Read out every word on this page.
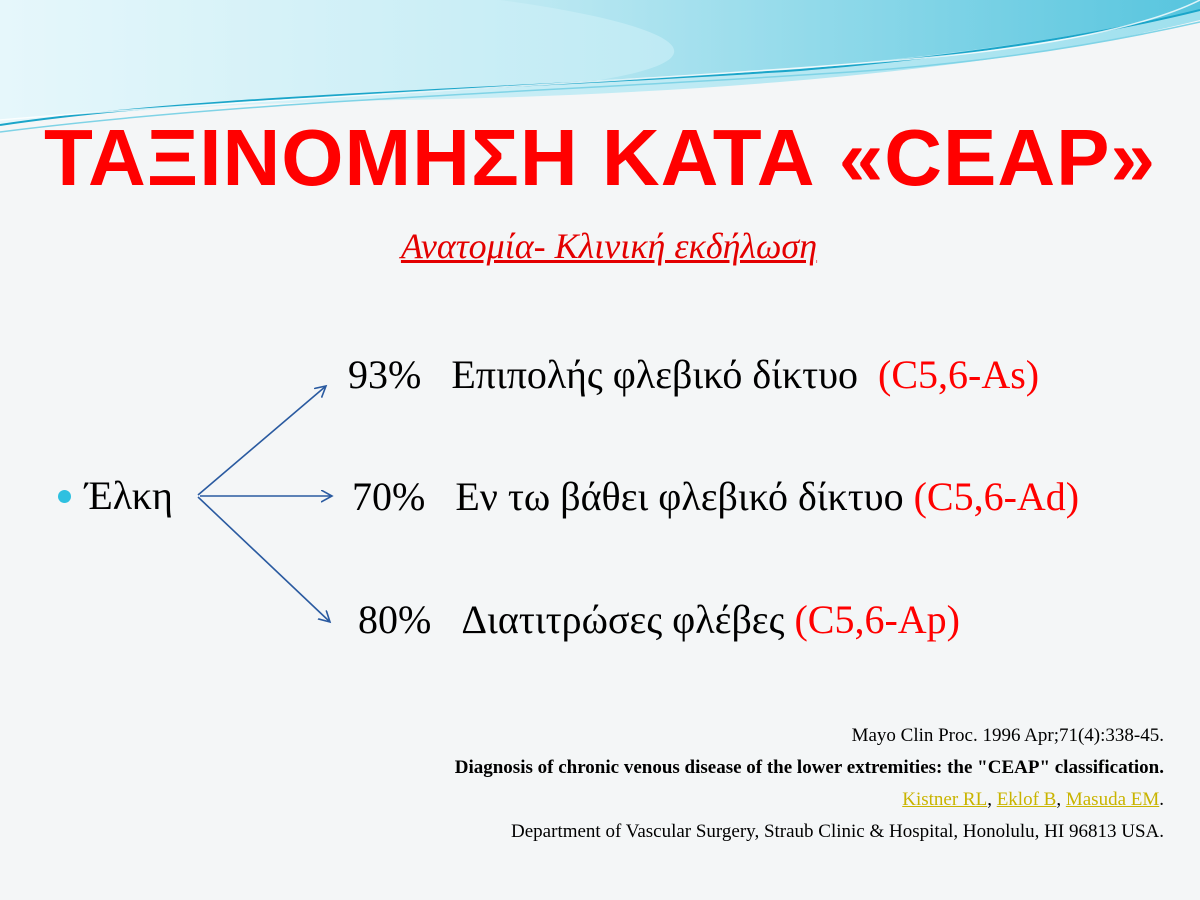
ΤΑΞΙΝΟΜΗΣΗ ΚΑΤΑ «CEAP»
Ανατομία- Κλινική εκδήλωση
Έλκη
93% Επιπολής φλεβικό δίκτυο (C5,6-As)
70% Εν τω βάθει φλεβικό δίκτυο (C5,6-Ad)
80% Διατιτρώσες φλέβες (C5,6-Ap)
Mayo Clin Proc. 1996 Apr;71(4):338-45.
Diagnosis of chronic venous disease of the lower extremities: the "CEAP" classification.
Kistner RL, Eklof B, Masuda EM.
Department of Vascular Surgery, Straub Clinic & Hospital, Honolulu, HI 96813 USA.
